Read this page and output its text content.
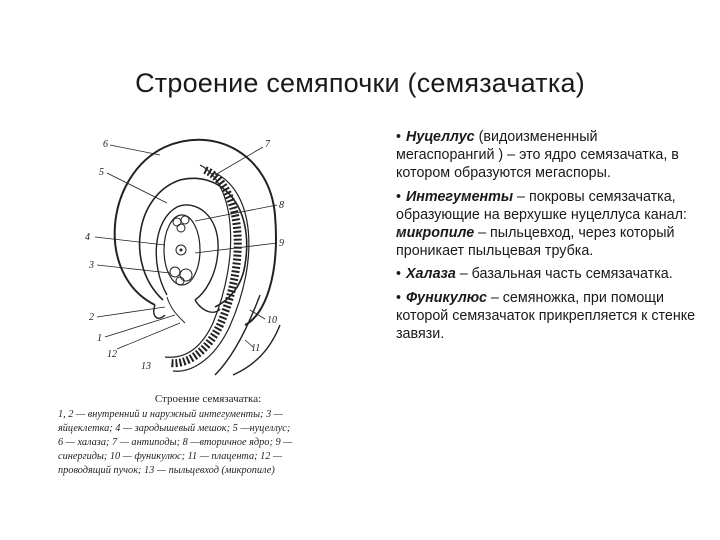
Строение семяпочки (семязачатка)
6
5
4
3
2
1
12
7
8
9
10
11
13
Строение семязачатка:
1, 2 — внутренний и наружный интегументы; 3 —
яйцеклетка; 4 — зародышевый мешок; 5 —нуцеллус;
6 — халаза; 7 — антиподы; 8 —вторичное ядро; 9 —
синергиды; 10 — фуникулюс; 11 — плацента; 12 —
проводящий пучок; 13 — пыльцевход (микропиле)
• Нуцеллус (видоизмененный мегаспорангий ) – это ядро семязачатка, в котором образуются мегаспоры.
• Интегументы – покровы семязачатка, образующие на верхушке нуцеллуса канал: микропиле – пыльцевход, через который проникает пыльцевая трубка.
• Халаза – базальная часть семязачатка.
• Фуникулюс – семяножка, при помощи которой семязачаток прикрепляется к стенке завязи.
